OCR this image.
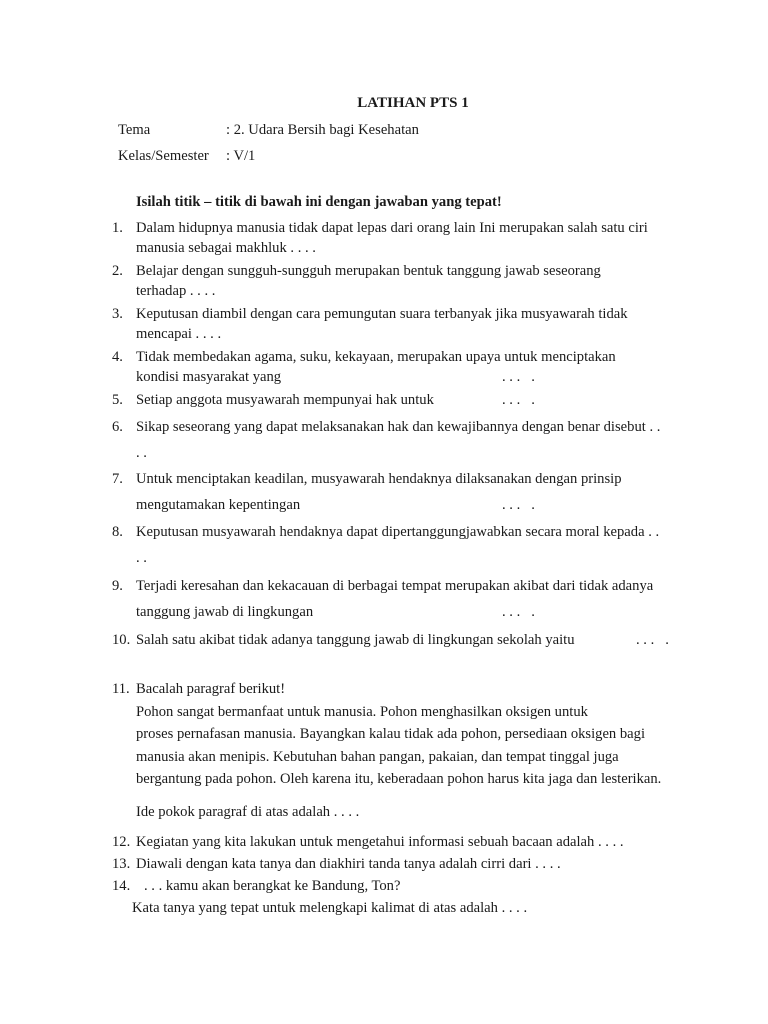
LATIHAN PTS 1
Tema	: 2. Udara Bersih bagi Kesehatan
Kelas/Semester : V/1
Isilah titik – titik di bawah ini dengan jawaban yang tepat!
1. Dalam hidupnya manusia tidak dapat lepas dari orang lain Ini merupakan salah satu ciri
manusia sebagai makhluk . . . .
2. Belajar dengan sungguh-sungguh merupakan bentuk tanggung jawab seseorang
terhadap . . . .
3. Keputusan diambil dengan cara pemungutan suara terbanyak jika musyawarah tidak
mencapai . . . .
4. Tidak membedakan agama, suku, kekayaan, merupakan upaya untuk menciptakan
kondisi masyarakat yang	. . .   .
5. Setiap anggota musyawarah mempunyai hak untuk	. . .   .
6. Sikap seseorang yang dapat melaksanakan hak dan kewajibannya dengan benar disebut . .
. .
7. Untuk menciptakan keadilan, musyawarah hendaknya dilaksanakan dengan prinsip
mengutamakan kepentingan	. . .   .
8. Keputusan musyawarah hendaknya dapat dipertanggungjawabkan secara moral kepada . .
. .
9. Terjadi keresahan dan kekacauan di berbagai tempat merupakan akibat dari tidak adanya
tanggung jawab di lingkungan	. . .   .
10. Salah satu akibat tidak adanya tanggung jawab di lingkungan sekolah yaitu	. . .   .
11. Bacalah paragraf berikut!
Pohon sangat bermanfaat untuk manusia. Pohon menghasilkan oksigen untuk
proses pernafasan manusia. Bayangkan kalau tidak ada pohon, persediaan oksigen bagi
manusia akan menipis. Kebutuhan bahan pangan, pakaian, dan tempat tinggal juga
bergantung pada pohon. Oleh karena itu, keberadaan pohon harus kita jaga dan lesterikan.
Ide pokok paragraf di atas adalah . . . .
12. Kegiatan yang kita lakukan untuk mengetahui informasi sebuah bacaan adalah . . . .
13. Diawali dengan kata tanya dan diakhiri tanda tanya adalah cirri dari . . . .
14. . . . kamu akan berangkat ke Bandung, Ton?
Kata tanya yang tepat untuk melengkapi kalimat di atas adalah . . . .
